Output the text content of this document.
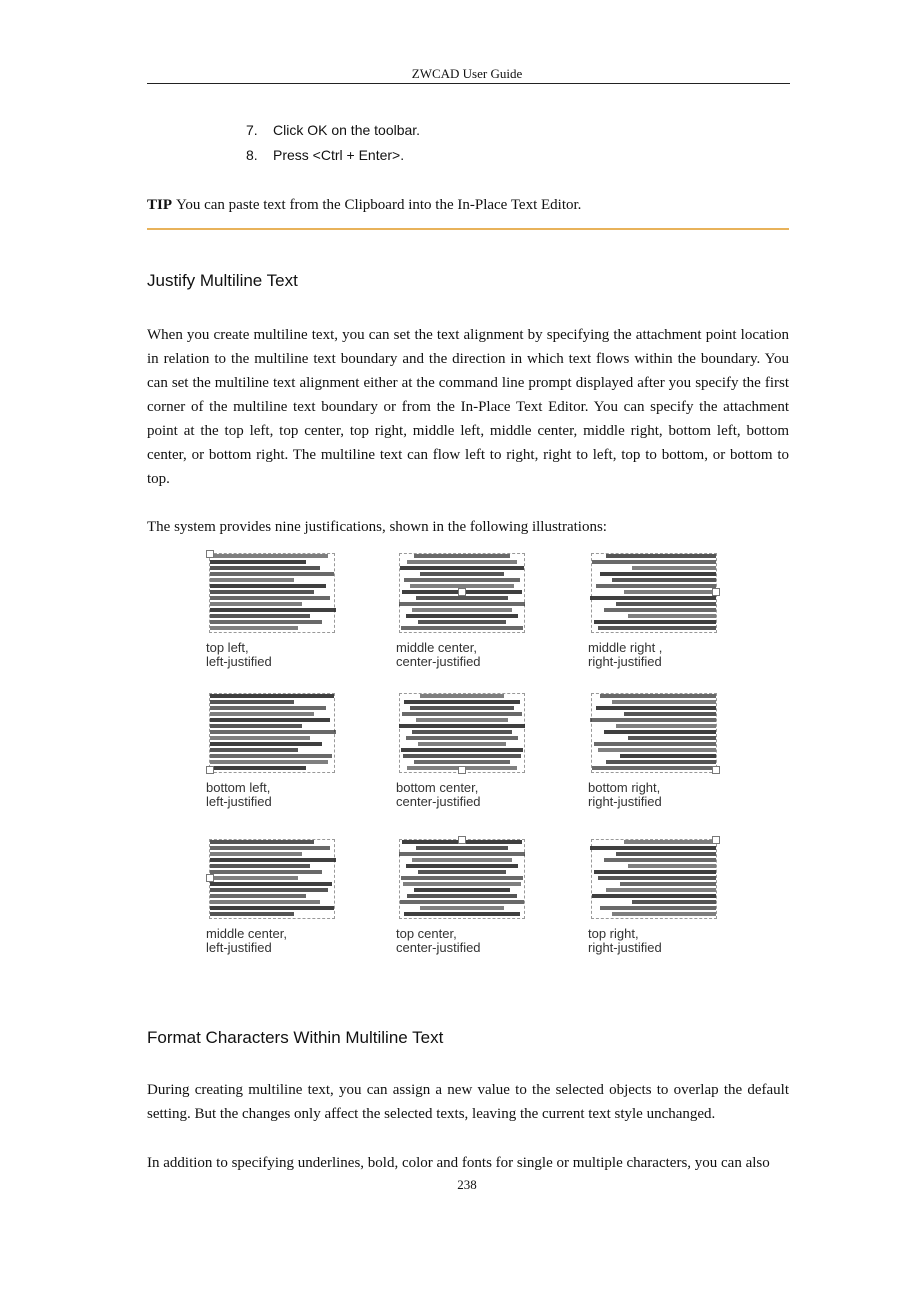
ZWCAD User Guide
7.	Click OK on the toolbar.
8.	Press <Ctrl + Enter>.
TIP You can paste text from the Clipboard into the In-Place Text Editor.
Justify Multiline Text

When you create multiline text, you can set the text alignment by specifying the attachment point location in relation to the multiline text boundary and the direction in which text flows within the boundary. You can set the multiline text alignment either at the command line prompt displayed after you specify the first corner of the multiline text boundary or from the In-Place Text Editor. You can specify the attachment point at the top left, top center, top right, middle left, middle center, middle right, bottom left, bottom center, or bottom right. The multiline text can flow left to right, right to left, top to bottom, or bottom to top.

The system provides nine justifications, shown in the following illustrations:

top left,
left-justified
middle center,
center-justified
middle right ,
right-justified
bottom left,
left-justified
bottom center,
center-justified
bottom right,
right-justified
middle center,
left-justified
top center,
center-justified
top right,
right-justified
Format Characters Within Multiline Text

During creating multiline text, you can assign a new value to the selected objects to overlap the default setting. But the changes only affect the selected texts, leaving the current text style unchanged.

In addition to specifying underlines, bold, color and fonts for single or multiple characters, you can also

238
